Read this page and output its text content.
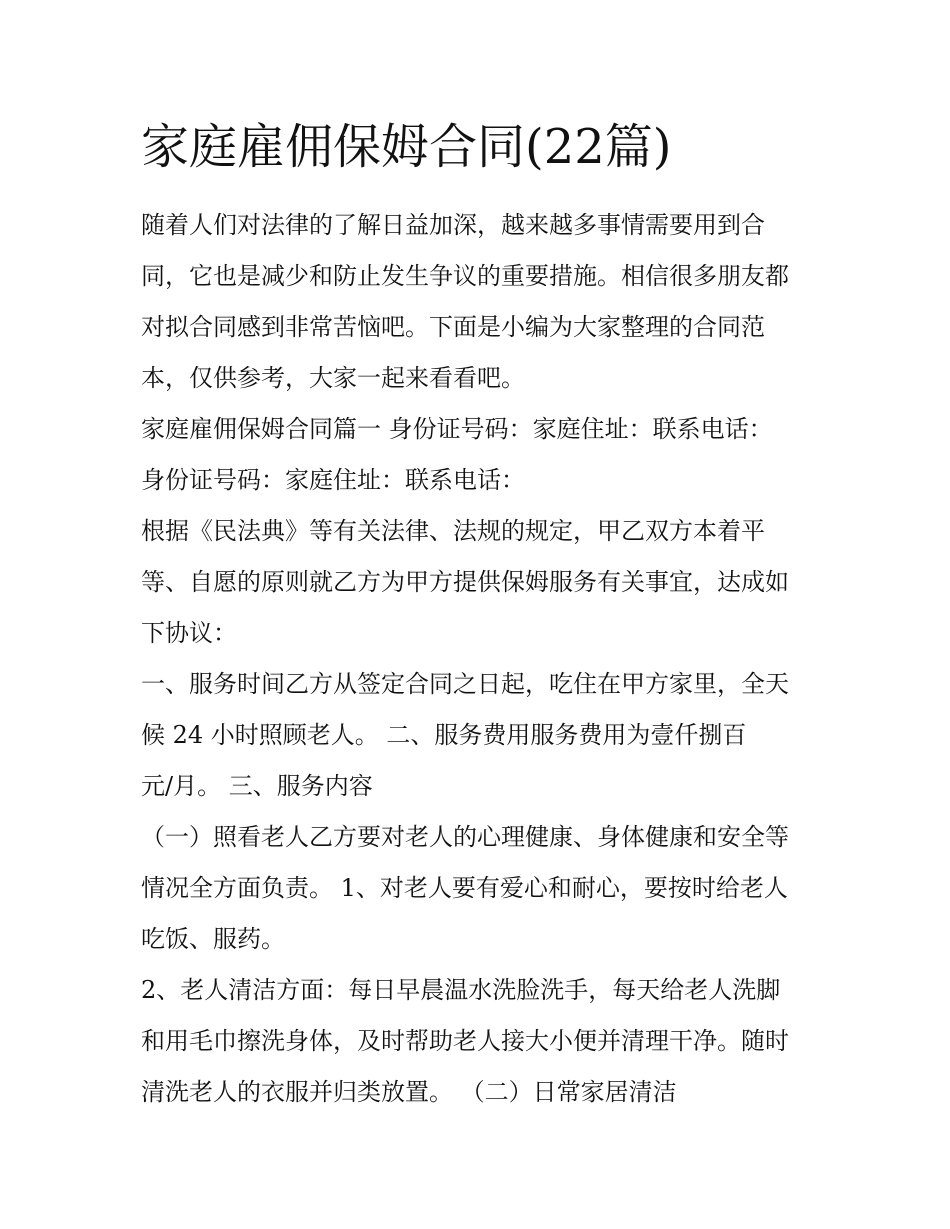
家庭雇佣保姆合同(22篇)
随着人们对法律的了解日益加深，越来越多事情需要用到合
同，它也是减少和防止发生争议的重要措施。相信很多朋友都
对拟合同感到非常苦恼吧。下面是小编为大家整理的合同范
本，仅供参考，大家一起来看看吧。
家庭雇佣保姆合同篇一 身份证号码：家庭住址：联系电话：
身份证号码：家庭住址：联系电话：
根据《民法典》等有关法律、法规的规定，甲乙双方本着平
等、自愿的原则就乙方为甲方提供保姆服务有关事宜，达成如
下协议：
一、服务时间乙方从签定合同之日起，吃住在甲方家里，全天
候 24 小时照顾老人。 二、服务费用服务费用为壹仟捌百
元/月。 三、服务内容
（一）照看老人乙方要对老人的心理健康、身体健康和安全等
情况全方面负责。 1、对老人要有爱心和耐心，要按时给老人
吃饭、服药。
2、老人清洁方面：每日早晨温水洗脸洗手，每天给老人洗脚
和用毛巾擦洗身体，及时帮助老人接大小便并清理干净。随时
清洗老人的衣服并归类放置。 （二）日常家居清洁
